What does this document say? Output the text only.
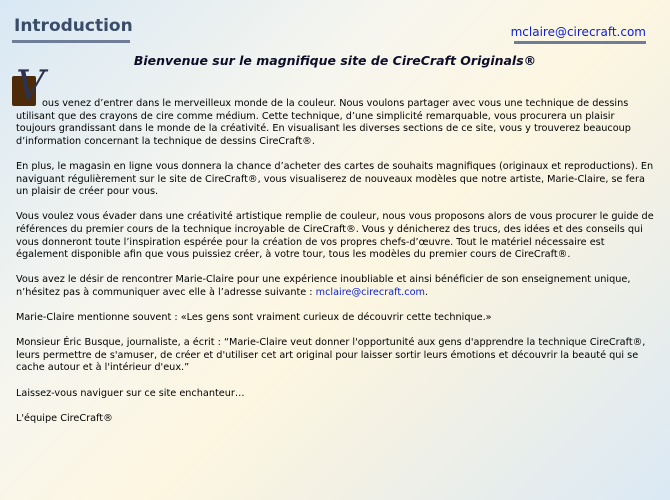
Introduction	mclaire@cirecraft.com
Bienvenue sur le magnifique site de CireCraft Originals®
V

ous venez d’entrer dans le merveilleux monde de la couleur. Nous voulons partager avec vous une technique de dessins utilisant que des crayons de cire comme médium. Cette technique, d’une simplicité remarquable, vous procurera un plaisir toujours grandissant dans le monde de la créativité. En visualisant les diverses sections de ce site, vous y trouverez beaucoup d’information concernant la technique de dessins CireCraft®.

En plus, le magasin en ligne vous donnera la chance d’acheter des cartes de souhaits magnifiques (originaux et reproductions). En naviguant régulièrement sur le site de CireCraft®, vous visualiserez de nouveaux modèles que notre artiste, Marie-Claire, se fera un plaisir de créer pour vous.

Vous voulez vous évader dans une créativité artistique remplie de couleur, nous vous proposons alors de vous procurer le guide de références du premier cours de la technique incroyable de CireCraft®. Vous y dénicherez des trucs, des idées et des conseils qui vous donneront toute l’inspiration espérée pour la création de vos propres chefs-d’œuvre. Tout le matériel nécessaire est également disponible afin que vous puissiez créer, à votre tour, tous les modèles du premier cours de CireCraft®.

Vous avez le désir de rencontrer Marie-Claire pour une expérience inoubliable et ainsi bénéficier de son enseignement unique, n’hésitez pas à communiquer avec elle à l’adresse suivante : mclaire@cirecraft.com.

Marie-Claire mentionne souvent : «Les gens sont vraiment curieux de découvrir cette technique.»

Monsieur Éric Busque, journaliste, a écrit : “Marie-Claire veut donner l'opportunité aux gens d'apprendre la technique CireCraft®, leurs permettre de s'amuser, de créer et d'utiliser cet art original pour laisser sortir leurs émotions et découvrir la beauté qui se cache autour et à l'intérieur d'eux.”

Laissez-vous naviguer sur ce site enchanteur…

L'équipe CireCraft®
